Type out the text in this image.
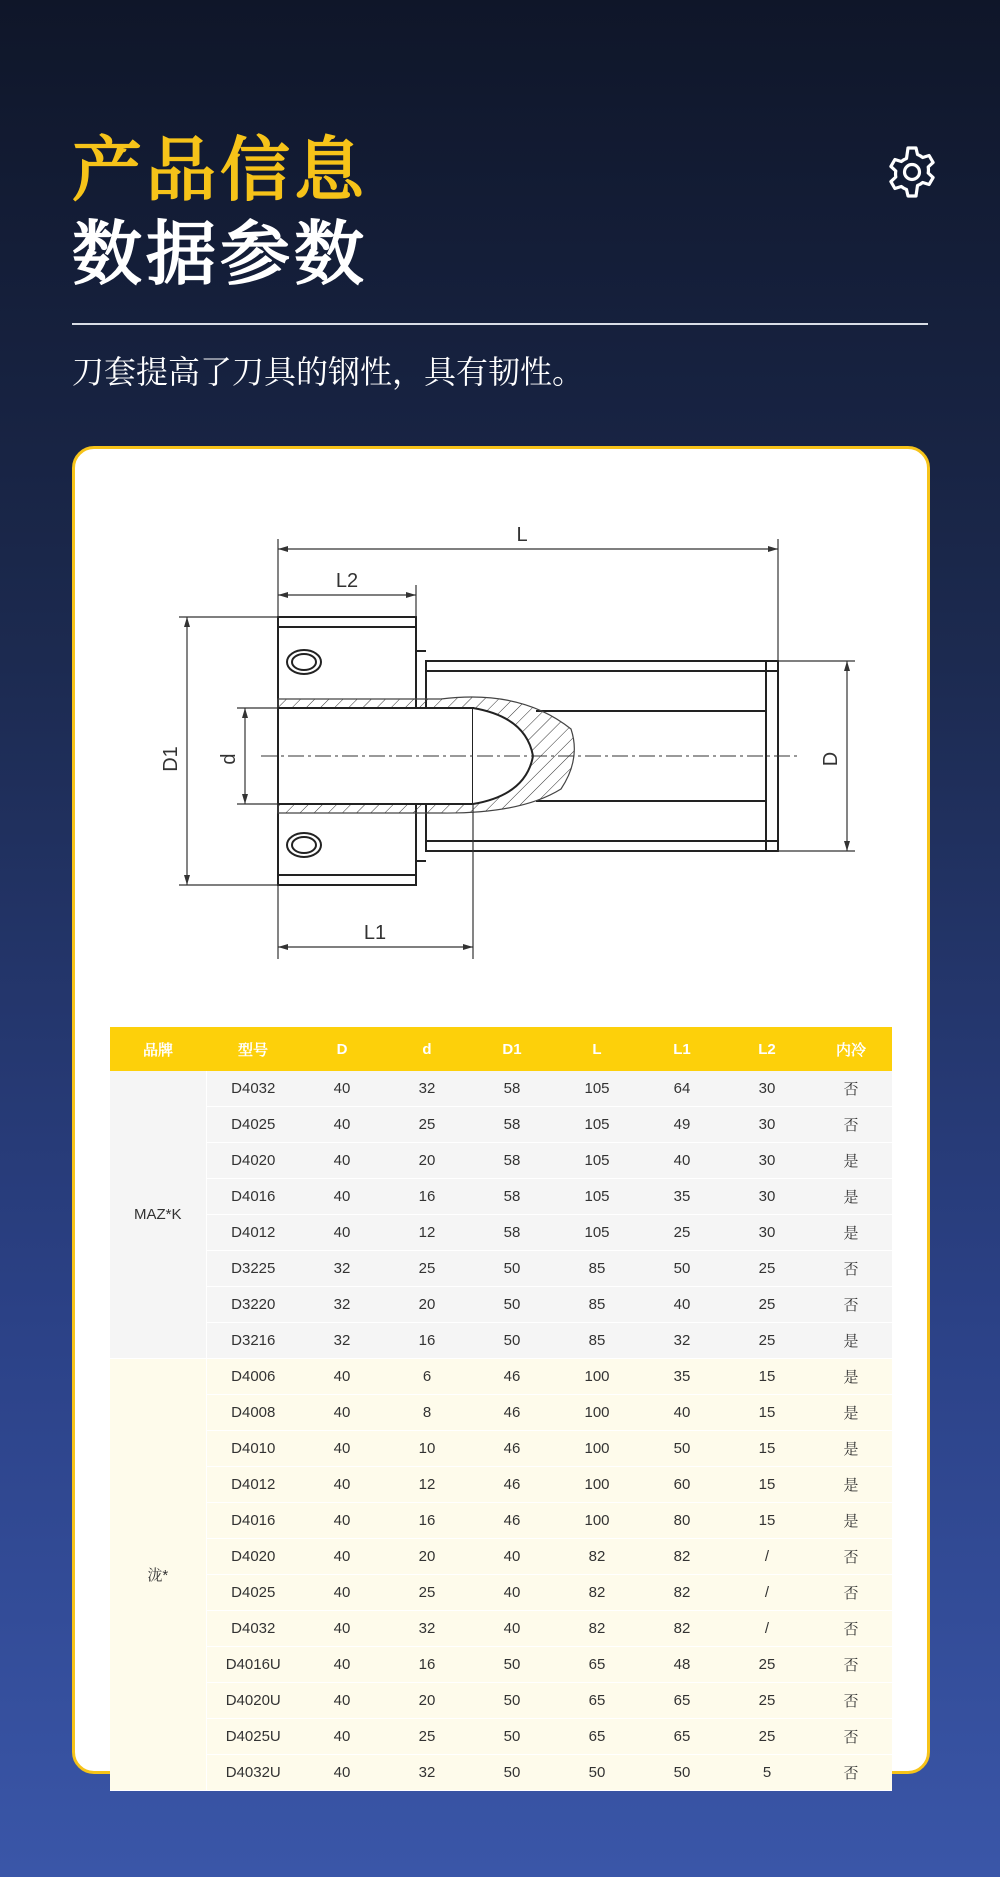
产品信息
数据参数
刀套提高了刀具的钢性，具有韧性。
L
L2
L1
D1 d	D
品牌	型号	D	d	D1	L	L1	L2	内冷
MAZ*K	D4032	40	32	58	105	64	30	否
	D4025	40	25	58	105	49	30	否
	D4020	40	20	58	105	40	30	是
	D4016	40	16	58	105	35	30	是
	D4012	40	12	58	105	25	30	是
	D3225	32	25	50	85	50	25	否
	D3220	32	20	50	85	40	25	否
	D3216	32	16	50	85	32	25	是
泷*	D4006	40	6	46	100	35	15	是
	D4008	40	8	46	100	40	15	是
	D4010	40	10	46	100	50	15	是
	D4012	40	12	46	100	60	15	是
	D4016	40	16	46	100	80	15	是
	D4020	40	20	40	82	82	/	否
	D4025	40	25	40	82	82	/	否
	D4032	40	32	40	82	82	/	否
	D4016U	40	16	50	65	48	25	否
	D4020U	40	20	50	65	65	25	否
	D4025U	40	25	50	65	65	25	否
	D4032U	40	32	50	50	50	5	否
